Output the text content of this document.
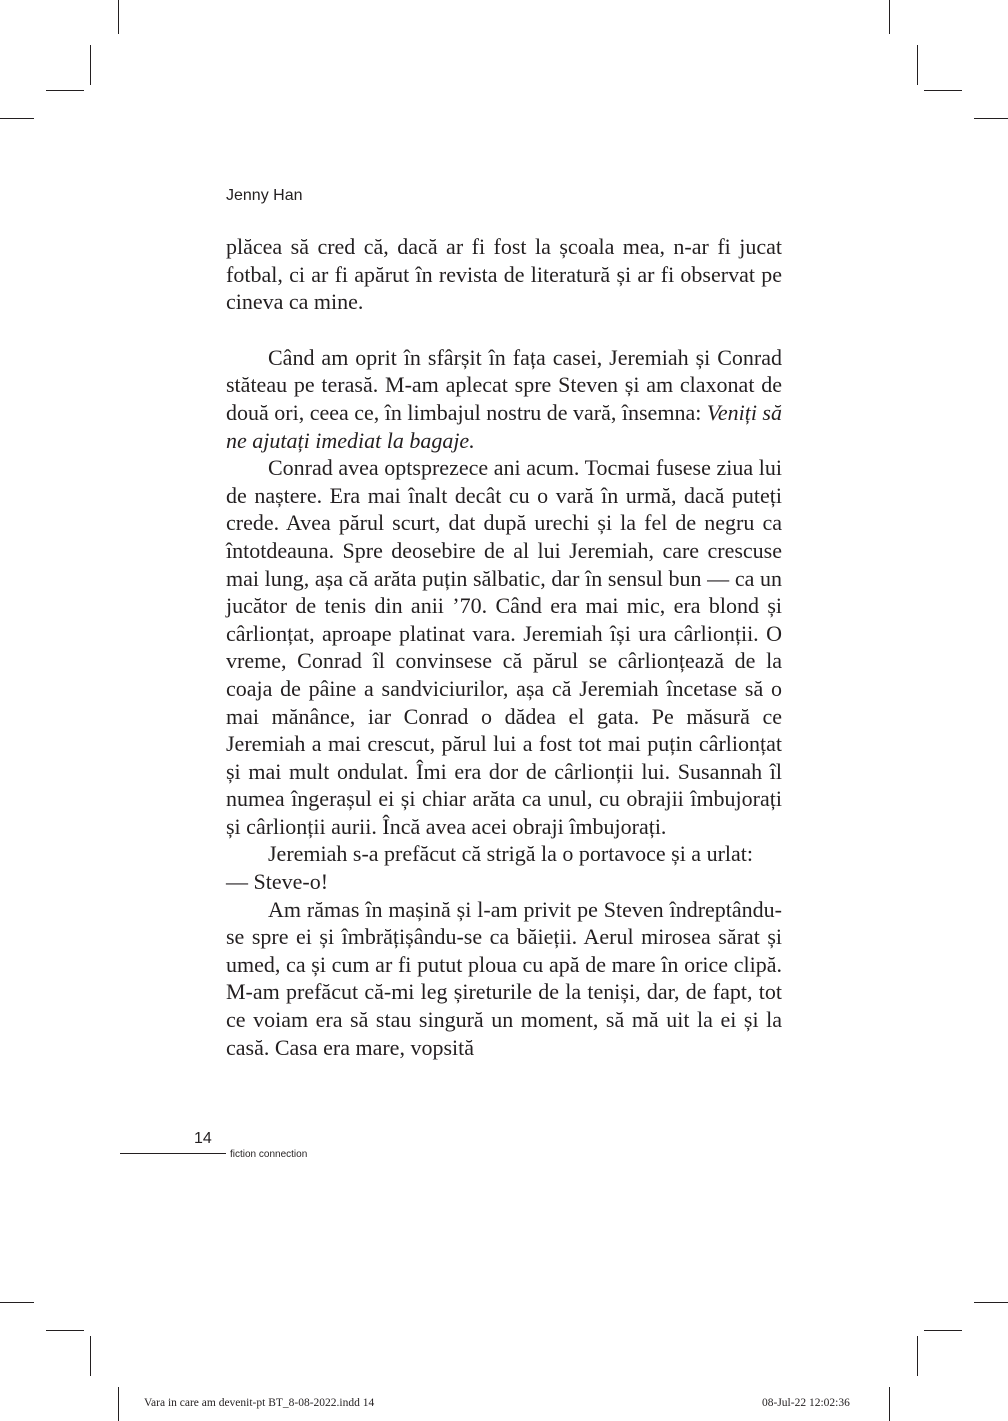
Jenny Han

plăcea să cred că, dacă ar fi fost la școala mea, n-ar fi jucat fotbal, ci ar fi apărut în revista de literatură și ar fi observat pe cineva ca mine.

Când am oprit în sfârșit în fața casei, Jeremiah și Conrad stăteau pe terasă. M-am aplecat spre Steven și am claxonat de două ori, ceea ce, în limbajul nostru de vară, însemna: Veniți să ne ajutați imediat la bagaje.

Conrad avea optsprezece ani acum. Tocmai fusese ziua lui de naștere. Era mai înalt decât cu o vară în urmă, dacă puteți crede. Avea părul scurt, dat după urechi și la fel de negru ca întotdeauna. Spre deosebire de al lui Jeremiah, care crescuse mai lung, așa că arăta puțin sălbatic, dar în sensul bun — ca un jucător de tenis din anii ’70. Când era mai mic, era blond și cârlionțat, aproape platinat vara. Jeremiah își ura cârlionții. O vreme, Conrad îl convinsese că părul se cârlionțează de la coaja de pâine a sandviciurilor, așa că Jeremiah încetase să o mai mănânce, iar Conrad o dădea el gata. Pe măsură ce Jeremiah a mai crescut, părul lui a fost tot mai puțin cârlionțat și mai mult ondulat. Îmi era dor de cârlionții lui. Susannah îl numea îngerașul ei și chiar arăta ca unul, cu obrajii îmbujorați și cârlionții aurii. Încă avea acei obraji îmbujorați.

Jeremiah s-a prefăcut că strigă la o portavoce și a urlat:

— Steve-o!

Am rămas în mașină și l-am privit pe Steven îndreptându-se spre ei și îmbrățișându-se ca băieții. Aerul mirosea sărat și umed, ca și cum ar fi putut ploua cu apă de mare în orice clipă. M-am prefăcut că-mi leg șireturile de la teniși, dar, de fapt, tot ce voiam era să stau singură un moment, să mă uit la ei și la casă. Casa era mare, vopsită

14
fiction connection
Vara in care am devenit-pt BT_8-08-2022.indd 14	08-Jul-22 12:02:36
